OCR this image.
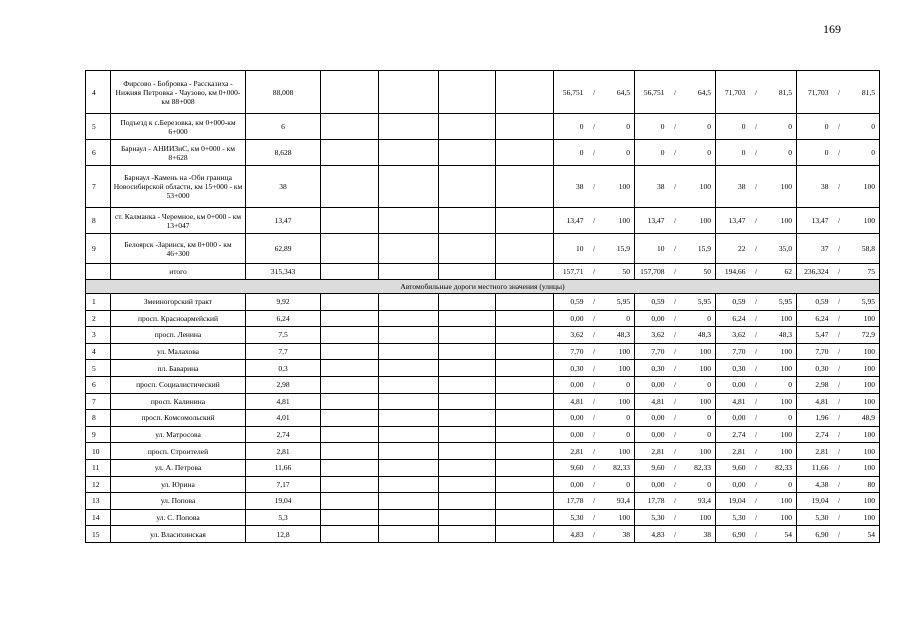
169
4	Фирсово - Бобровка - Рассказиха - Нижняя Петровка - Чаузово, км 0+000-км 88+008	88,008					56,751	/	64,5	56,751	/	64,5	71,703	/	81,5	71,703	/	81,5
5	Подъезд к с.Березовка, км 0+000-км 6+000	6					0	/	0	0	/	0	0	/	0	0	/	0
6	Барнаул - АНИИЗиС, км 0+000 - км 8+628	8,628					0	/	0	0	/	0	0	/	0	0	/	0
7	Барнаул -Камень на -Оби граница Новосибирской области, км 15+000 - км 53+000	38					38	/	100	38	/	100	38	/	100	38	/	100
8	ст. Калманка - Черемное, км 0+000 - км 13+047	13,47					13,47	/	100	13,47	/	100	13,47	/	100	13,47	/	100
9	Белоярск -Заринск, км 0+000 - км 46+300	62,89					10	/	15,9	10	/	15,9	22	/	35,0	37	/	58,8
	итого	315,343					157,71	/	50	157,708	/	50	194,66	/	62	236,324	/	75
Автомобильные дороги местного значения (улицы)																		
1	Змеиногорский тракт	9,92					0,59	/	5,95	0,59	/	5,95	0,59	/	5,95	0,59	/	5,95
2	просп. Красноармейский	6,24					0,00	/	0	0,00	/	0	6,24	/	100	6,24	/	100
3	просп. Ленина	7,5					3,62	/	48,3	3,62	/	48,3	3,62	/	48,3	5,47	/	72,9
4	ул. Малахова	7,7					7,70	/	100	7,70	/	100	7,70	/	100	7,70	/	100
5	пл. Баварина	0,3					0,30	/	100	0,30	/	100	0,30	/	100	0,30	/	100
6	просп. Социалистический	2,98					0,00	/	0	0,00	/	0	0,00	/	0	2,98	/	100
7	просп. Калинина	4,81					4,81	/	100	4,81	/	100	4,81	/	100	4,81	/	100
8	просп. Комсомольский	4,01					0,00	/	0	0,00	/	0	0,00	/	0	1,96	/	48,9
9	ул. Матросова	2,74					0,00	/	0	0,00	/	0	2,74	/	100	2,74	/	100
10	просп. Строителей	2,81					2,81	/	100	2,81	/	100	2,81	/	100	2,81	/	100
11	ул. А. Петрова	11,66					9,60	/	82,33	9,60	/	82,33	9,60	/	82,33	11,66	/	100
12	ул. Юрина	7,17					0,00	/	0	0,00	/	0	0,00	/	0	4,38	/	80
13	ул. Попова	19,04					17,78	/	93,4	17,78	/	93,4	19,04	/	100	19,04	/	100
14	ул. С. Попова	5,3					5,30	/	100	5,30	/	100	5,30	/	100	5,30	/	100
15	ул. Власихинская	12,8					4,83	/	38	4,83	/	38	6,90	/	54	6,90	/	54
